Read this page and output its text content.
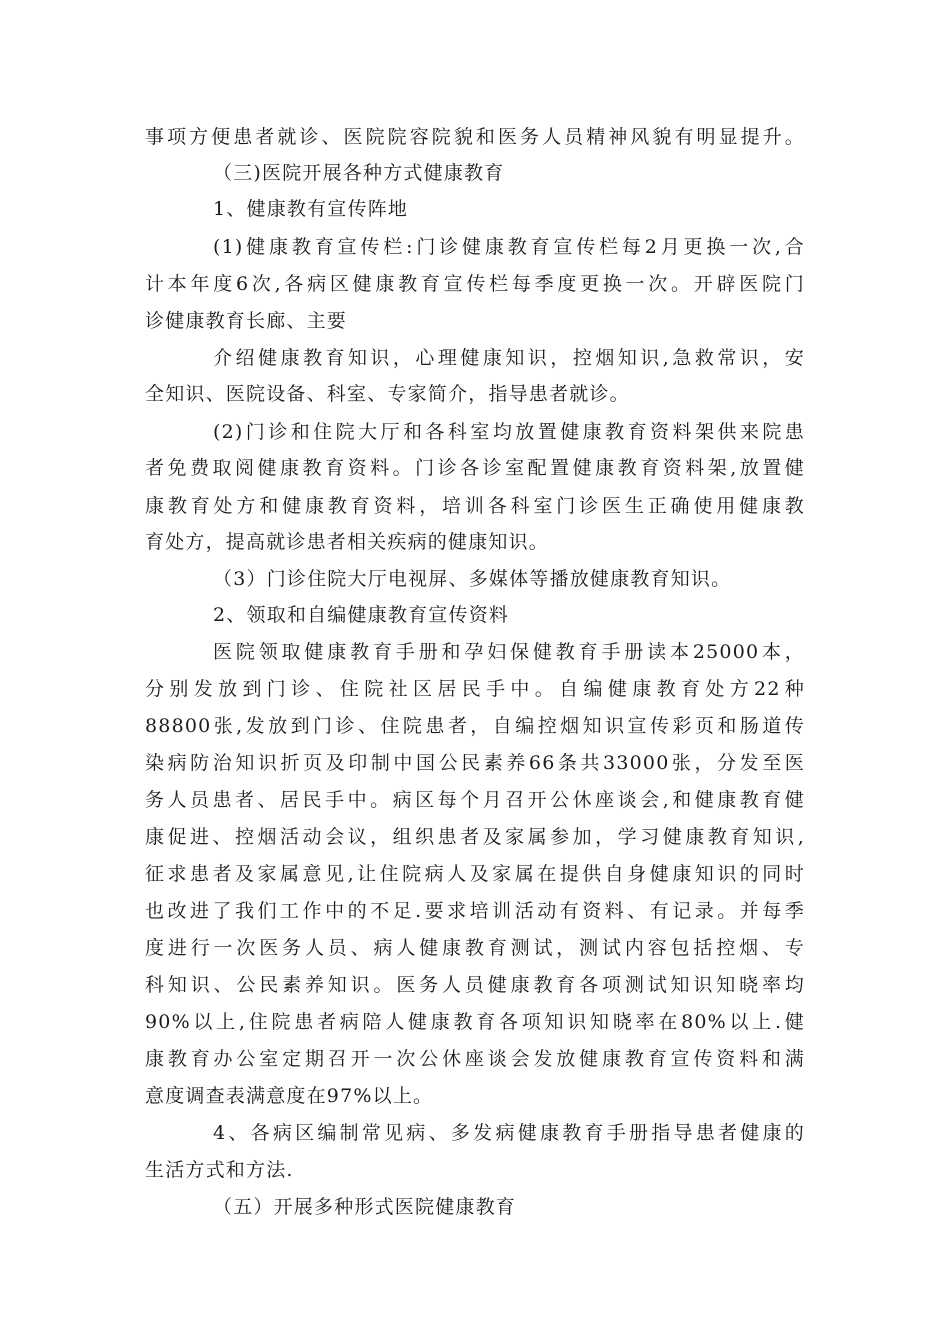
事项方便患者就诊、医院院容院貌和医务人员精神风貌有明显提升。
（三)医院开展各种方式健康教育
1、健康教有宣传阵地
(1)健康教育宣传栏:门诊健康教育宣传栏每2月更换一次,合
计本年度6次,各病区健康教育宣传栏每季度更换一次。开辟医院门
诊健康教育长廊、主要
介绍健康教育知识，心理健康知识，控烟知识,急救常识，安
全知识、医院设备、科室、专家简介，指导患者就诊。
(2)门诊和住院大厅和各科室均放置健康教育资料架供来院患
者免费取阅健康教育资料。门诊各诊室配置健康教育资料架,放置健
康教育处方和健康教育资料，培训各科室门诊医生正确使用健康教
育处方，提高就诊患者相关疾病的健康知识。
（3）门诊住院大厅电视屏、多媒体等播放健康教育知识。
2、领取和自编健康教育宣传资料
医院领取健康教育手册和孕妇保健教育手册读本25000本，
分别发放到门诊、住院社区居民手中。自编健康教育处方22种
88800张,发放到门诊、住院患者，自编控烟知识宣传彩页和肠道传
染病防治知识折页及印制中国公民素养66条共33000张，分发至医
务人员患者、居民手中。病区每个月召开公休座谈会,和健康教育健
康促进、控烟活动会议，组织患者及家属参加，学习健康教育知识,
征求患者及家属意见,让住院病人及家属在提供自身健康知识的同时
也改进了我们工作中的不足.要求培训活动有资料、有记录。并每季
度进行一次医务人员、病人健康教育测试，测试内容包括控烟、专
科知识、公民素养知识。医务人员健康教育各项测试知识知晓率均
90%以上,住院患者病陪人健康教育各项知识知晓率在80%以上.健
康教育办公室定期召开一次公休座谈会发放健康教育宣传资料和满
意度调查表满意度在97%以上。
4、各病区编制常见病、多发病健康教育手册指导患者健康的
生活方式和方法.
（五）开展多种形式医院健康教育
